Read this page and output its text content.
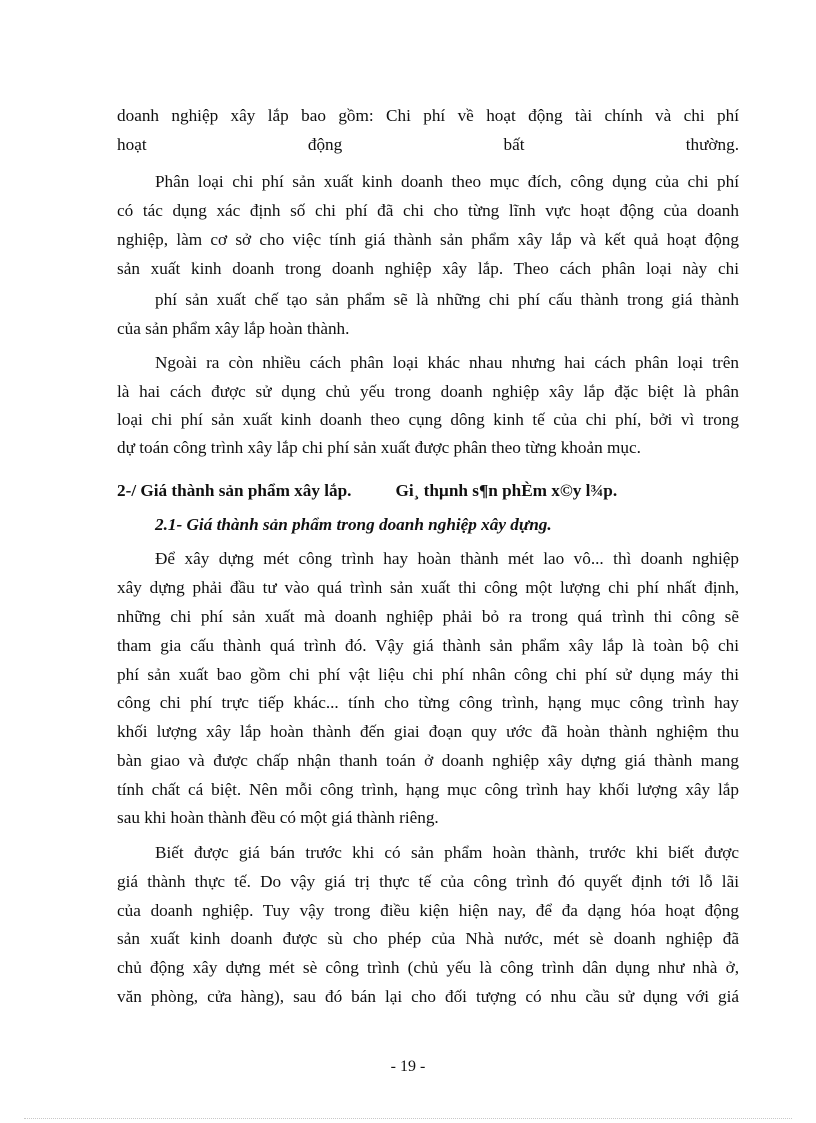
doanh nghiệp xây lắp bao gồm: Chi phí về hoạt động tài chính và chi phí
hoạt động bất thường.
Phân loại chi phí sản xuất kinh doanh theo mục đích, công dụng của chi phí
có tác dụng xác định số chi phí đã chi cho từng lĩnh vực hoạt động của doanh
nghiệp, làm cơ sở cho việc tính giá thành sản phẩm xây lắp và kết quả hoạt động
sản xuất kinh doanh trong doanh nghiệp xây lắp. Theo cách phân loại này chi
phí sản xuất chế tạo sản phẩm sẽ là những chi phí cấu thành trong giá thành
của sản phẩm xây lắp hoàn thành.
Ngoài ra còn nhiều cách phân loại khác nhau nhưng hai cách phân loại trên
là hai cách được sử dụng chủ yếu trong doanh nghiệp xây lắp đặc biệt là phân
loại chi phí sản xuất kinh doanh theo cụng dông kinh tế của chi phí, bởi vì trong
dự toán công trình xây lắp chi phí sản xuất được phân theo từng khoản mục.
2-/ Giá thành sản phẩm xây lắp.	Gi¸ thµnh s¶n phÈm x©y l¾p.
2.1- Giá thành sản phẩm trong doanh nghiệp xây dựng.
Để xây dựng mét công trình hay hoàn thành mét lao vô... thì doanh nghiệp
xây dựng phải đầu tư vào quá trình sản xuất thi công một lượng chi phí nhất định,
những chi phí sản xuất mà doanh nghiệp phải bỏ ra trong quá trình thi công sẽ
tham gia cấu thành quá trình đó. Vậy giá thành sản phẩm xây lắp là toàn bộ chi
phí sản xuất bao gồm chi phí vật liệu chi phí nhân công chi phí sử dụng máy thi
công chi phí trực tiếp khác... tính cho từng công trình, hạng mục công trình hay
khối lượng xây lắp hoàn thành đến giai đoạn quy ước đã hoàn thành nghiệm thu
bàn giao và được chấp nhận thanh toán ở doanh nghiệp xây dựng giá thành mang
tính chất cá biệt. Nên mỗi công trình, hạng mục công trình hay khối lượng xây lắp
sau khi hoàn thành đều có một giá thành riêng.
Biết được giá bán trước khi có sản phẩm hoàn thành, trước khi biết được
giá thành thực tế. Do vậy giá trị thực tế của công trình đó quyết định tới lỗ lãi
của doanh nghiệp. Tuy vậy trong điều kiện hiện nay, để đa dạng hóa hoạt động
sản xuất kinh doanh được sù cho phép của Nhà nước, mét sè doanh nghiệp đã
chủ động xây dựng mét sè công trình (chủ yếu là công trình dân dụng như nhà ở,
văn phòng, cửa hàng), sau đó bán lại cho đối tượng có nhu cầu sử dụng với giá
- 19 -
